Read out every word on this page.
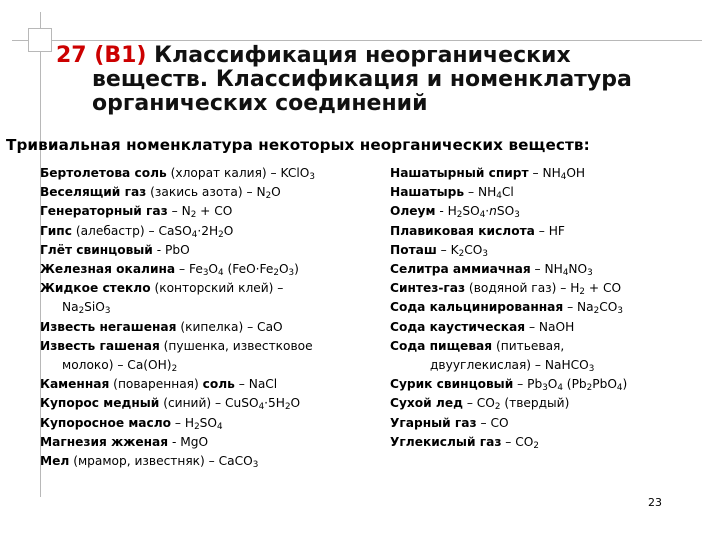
27 (В1) Классификация неорганических
веществ. Классификация и номенклатура
органических соединений
Тривиальная номенклатура некоторых неорганических веществ:
Бертолетова соль (хлорат калия) – KClO$_3$
Веселящий газ (закись азота) – $N_2O$
Генераторный газ – $N_2$ + CO
Гипс (алебастр) – $CaSO_4\cdot 2H_2O$
Глёт свинцовый - PbO
Железная окалина – $Fe_3O_4$ $(FeO\cdot Fe_2O_3)$
Жидкое стекло (конторский клей) –
$Na_2SiO_3$
Известь негашеная (кипелка) – CaO
Известь гашеная (пушенка, известковое
молоко) – $Ca(OH)_2$
Каменная (поваренная) соль – NaCl
Купорос медный (синий) – $CuSO_4\cdot 5H_2O$
Купоросное масло – $H_2SO_4$
Магнезия жженая - MgO
Мел (мрамор, известняк) – CaCO$_3$
Нашатырный спирт – $NH_4OH$
Нашатырь – $NH_4Cl$
Олеум - $H_2SO_4\cdot nSO_3$
Плавиковая кислота – HF
Поташ – $K_2CO_3$
Селитра аммиачная – $NH_4NO_3$
Синтез-газ (водяной $газ) - H_2$ + CO
Сода кальцинированная – $Na_2CO_3$
Сода каустическая – NaOH
Сода пищевая (питьевая,
двууглекислая) – NaHCO$_3$
Сурик свинцовый – $Pb_3O_4$ $(Pb_2PbO_4)$
Сухой лед – $CO_2$ (твердый)
Угарный газ – CO
Углекислый газ – $CO_2$
23
